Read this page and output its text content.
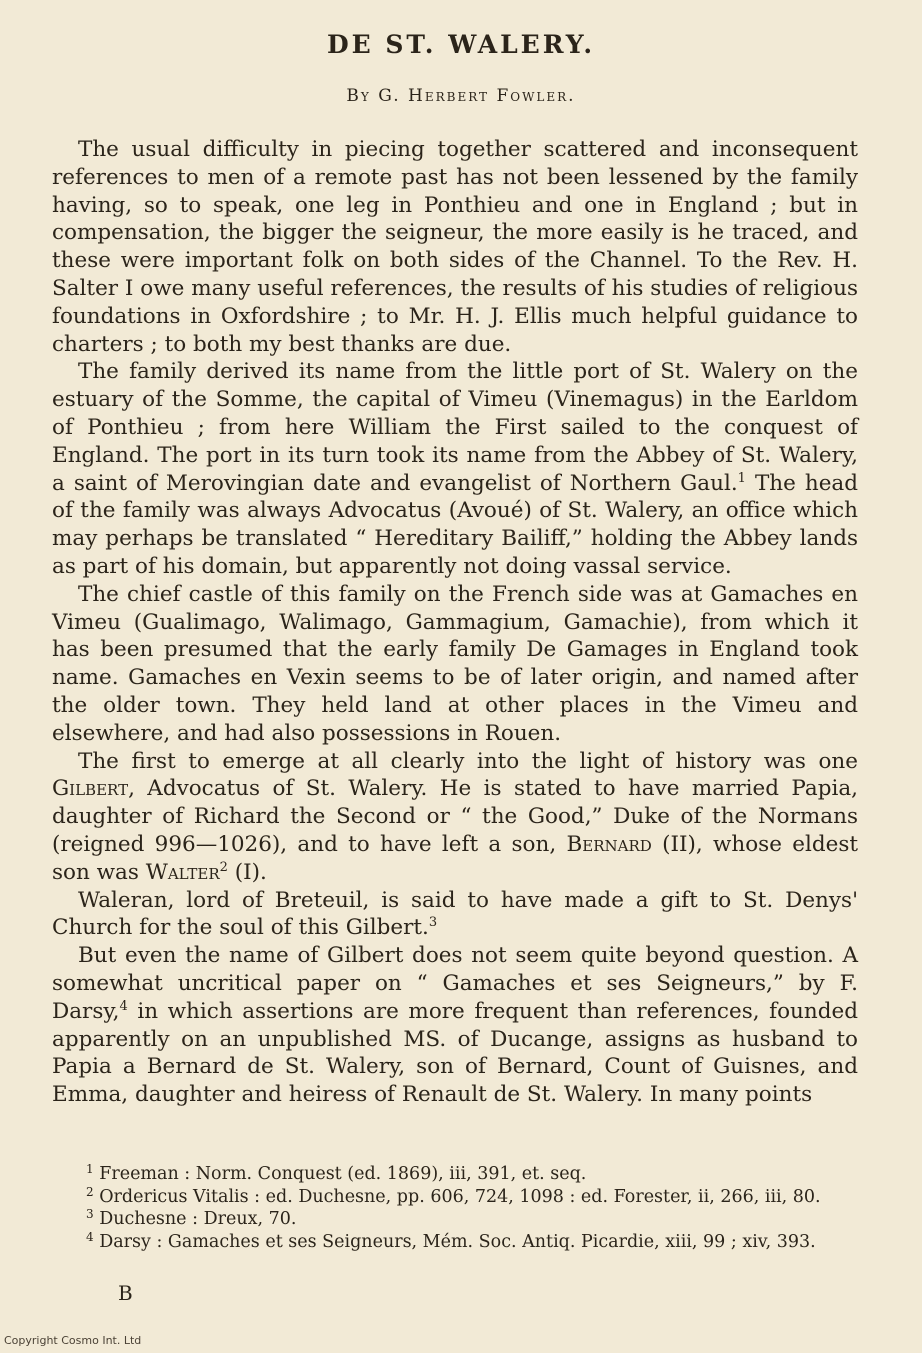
DE ST. WALERY.

By G. Herbert Fowler.

The usual difficulty in piecing together scattered and inconsequent references to men of a remote past has not been lessened by the family having, so to speak, one leg in Ponthieu and one in England ; but in compensation, the bigger the seigneur, the more easily is he traced, and these were important folk on both sides of the Channel. To the Rev. H. Salter I owe many useful references, the results of his studies of religious foundations in Oxfordshire ; to Mr. H. J. Ellis much helpful guidance to charters ; to both my best thanks are due.

The family derived its name from the little port of St. Walery on the estuary of the Somme, the capital of Vimeu (Vinemagus) in the Earldom of Ponthieu ; from here William the First sailed to the conquest of England. The port in its turn took its name from the Abbey of St. Walery, a saint of Merovingian date and evangelist of Northern Gaul.$^1$ The head of the family was always Advocatus (Avoué) of St. Walery, an office which may perhaps be translated “ Hereditary Bailiff,” holding the Abbey lands as part of his domain, but apparently not doing vassal service.

The chief castle of this family on the French side was at Gamaches en Vimeu (Gualimago, Walimago, Gammagium, Gamachie), from which it has been presumed that the early family De Gamages in England took name. Gamaches en Vexin seems to be of later origin, and named after the older town. They held land at other places in the Vimeu and elsewhere, and had also possessions in Rouen.

The first to emerge at all clearly into the light of history was one Gilbert, Advocatus of St. Walery. He is stated to have married Papia, daughter of Richard the Second or “ the Good,” Duke of the Normans (reigned 996—1026), and to have left a son, Bernard (II), whose eldest son was Walter$^2$ (I).

Waleran, lord of Breteuil, is said to have made a gift to St. Denys' Church for the soul of this Gilbert.$^3$

But even the name of Gilbert does not seem quite beyond question. A somewhat uncritical paper on “ Gamaches et ses Seigneurs,” by F. Darsy,$^4$ in which assertions are more frequent than references, founded apparently on an unpublished MS. of Ducange, assigns as husband to Papia a Bernard de St. Walery, son of Bernard, Count of Guisnes, and Emma, daughter and heiress of Renault de St. Walery. In many points

$^1$ Freeman : Norm. Conquest (ed. 1869), iii, 391, et. seq.

$^2$ Ordericus Vitalis : ed. Duchesne, pp. 606, 724, 1098 : ed. Forester, ii, 266, iii, 80.

$^3$ Duchesne : Dreux, 70.

$^4$ Darsy : Gamaches et ses Seigneurs, Mém. Soc. Antiq. Picardie, xiii, 99 ; xiv, 393.

B

Copyright Cosmo Int. Ltd
